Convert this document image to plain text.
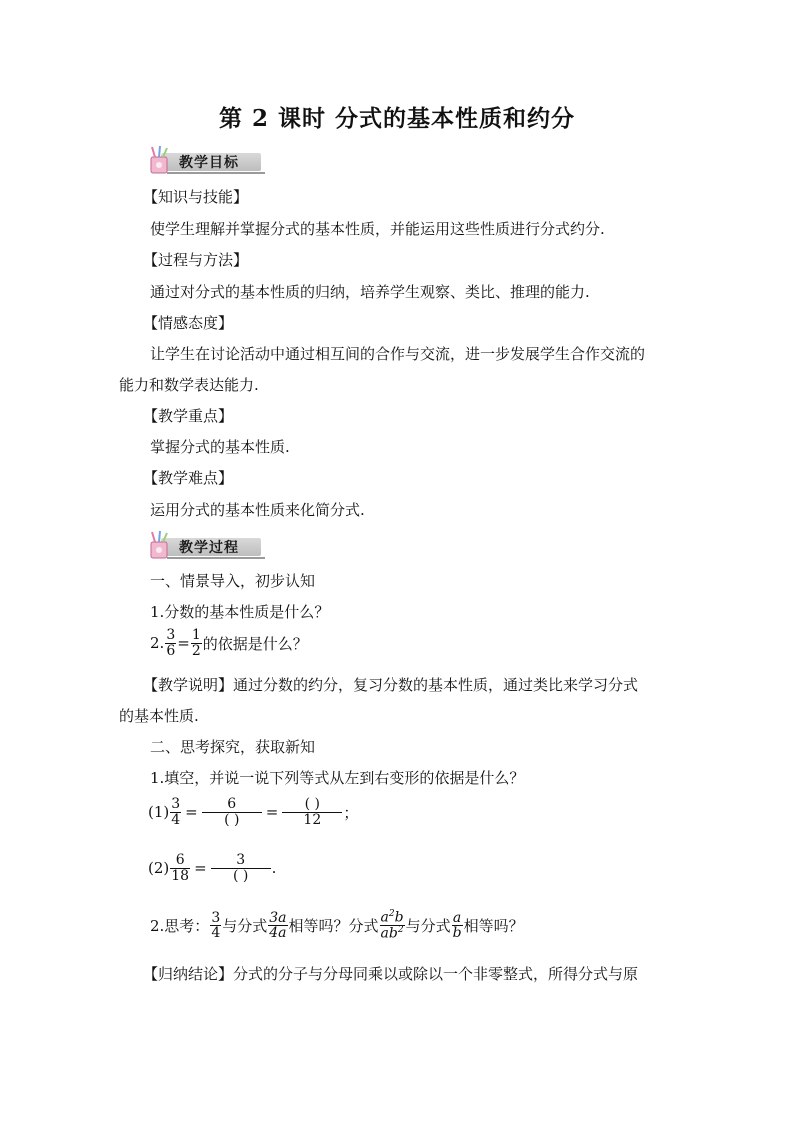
第 2 课时 分式的基本性质和约分
教学目标
【知识与技能】
使学生理解并掌握分式的基本性质，并能运用这些性质进行分式约分.
【过程与方法】
通过对分式的基本性质的归纳，培养学生观察、类比、推理的能力.
【情感态度】
让学生在讨论活动中通过相互间的合作与交流，进一步发展学生合作交流的
能力和数学表达能力.
【教学重点】
掌握分式的基本性质.
【教学难点】
运用分式的基本性质来化简分式.
教学过程
一、情景导入，初步认知
1.分数的基本性质是什么？
2. $\frac{3}{6} = \frac{1}{2}$ 的依据是什么？
【教学说明】通过分数的约分，复习分数的基本性质，通过类比来学习分式
的基本性质.
二、思考探究，获取新知
1.填空，并说一说下列等式从左到右变形的依据是什么？
$(1) \frac{3}{4} = \frac{6}{( )} = \frac{( )}{12}$ ；
$(2) \frac{6}{18} = \frac{3}{( )}$ .
2.思考： $\frac{3}{4}$ 与分式 $\frac{3a}{4a}$ 相等吗？分式 $\frac{a^2b}{ab^2}$ 与分式 $\frac{a}{b}$ 相等吗？
【归纳结论】分式的分子与分母同乘以或除以一个非零整式，所得分式与原
